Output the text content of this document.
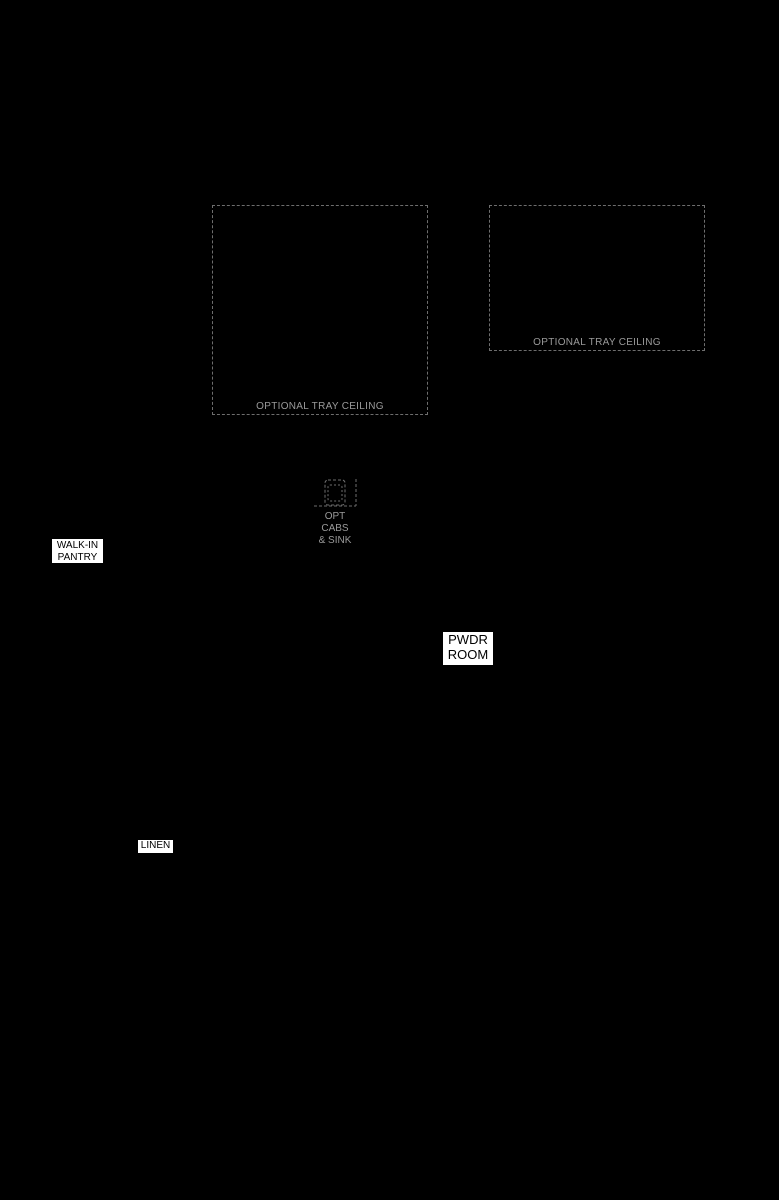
OPTIONAL TRAY CEILING
OPTIONAL TRAY CEILING
OPT
CABS
& SINK
WALK-IN
PANTRY
PWDR
ROOM
LINEN
